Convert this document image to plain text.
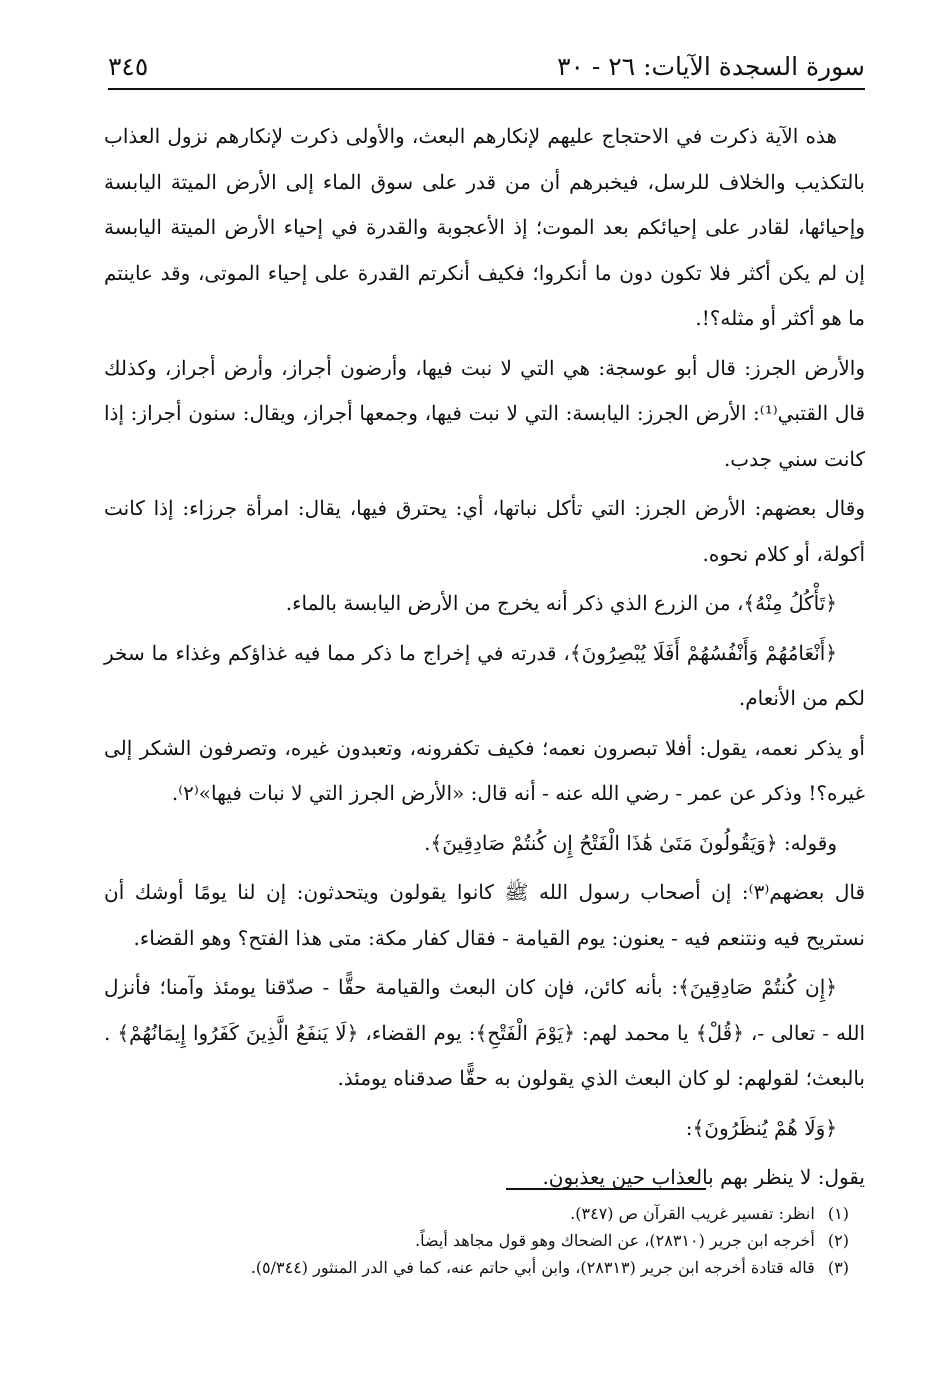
سورة السجدة الآيات: ٢٦ - ٣٠
٣٤٥

هذه الآية ذكرت في الاحتجاج عليهم لإنكارهم البعث، والأولى ذكرت لإنكارهم نزول العذاب بالتكذيب والخلاف للرسل، فيخبرهم أن من قدر على سوق الماء إلى الأرض الميتة اليابسة وإحيائها، لقادر على إحيائكم بعد الموت؛ إذ الأعجوبة والقدرة في إحياء الأرض الميتة اليابسة إن لم يكن أكثر فلا تكون دون ما أنكروا؛ فكيف أنكرتم القدرة على إحياء الموتى، وقد عاينتم ما هو أكثر أو مثله؟!.

والأرض الجرز: قال أبو عوسجة: هي التي لا نبت فيها، وأرضون أجراز، وأرض أجراز، وكذلك قال القتبي⁽¹⁾: الأرض الجرز: اليابسة: التي لا نبت فيها، وجمعها أجراز، ويقال: سنون أجراز: إذا كانت سني جدب.

وقال بعضهم: الأرض الجرز: التي تأكل نباتها، أي: يحترق فيها، يقال: امرأة جرزاء: إذا كانت أكولة، أو كلام نحوه.

﴿تَأْكُلُ مِنْهُ﴾، من الزرع الذي ذكر أنه يخرج من الأرض اليابسة بالماء.

﴿أَنْعَامُهُمْ وَأَنْفُسُهُمْ أَفَلَا يُبْصِرُونَ﴾، قدرته في إخراج ما ذكر مما فيه غذاؤكم وغذاء ما سخر لكم من الأنعام.

أو يذكر نعمه، يقول: أفلا تبصرون نعمه؛ فكيف تكفرونه، وتعبدون غيره، وتصرفون الشكر إلى غيره؟! وذكر عن عمر - رضي الله عنه - أنه قال: «الأرض الجرز التي لا نبات فيها»⁽٢⁾.

وقوله: ﴿وَيَقُولُونَ مَتَىٰ هَٰذَا الْفَتْحُ إِن كُنتُمْ صَادِقِينَ﴾.

قال بعضهم⁽٣⁾: إن أصحاب رسول الله ﷺ كانوا يقولون ويتحدثون: إن لنا يومًا أوشك أن نستريح فيه ونتنعم فيه - يعنون: يوم القيامة - فقال كفار مكة: متى هذا الفتح؟ وهو القضاء.

﴿إِن كُنتُمْ صَادِقِينَ﴾: بأنه كائن، فإن كان البعث والقيامة حقًّا - صدّقنا يومئذ وآمنا؛ فأنزل الله - تعالى -، ﴿قُلْ﴾ يا محمد لهم: ﴿يَوْمَ الْفَتْحِ﴾: يوم القضاء، ﴿لَا يَنفَعُ الَّذِينَ كَفَرُوا إِيمَانُهُمْ﴾ . بالبعث؛ لقولهم: لو كان البعث الذي يقولون به حقًّا صدقناه يومئذ.

﴿وَلَا هُمْ يُنظَرُونَ﴾:

يقول: لا ينظر بهم بالعذاب حين يعذبون.

(١) انظر: تفسير غريب القرآن ص (٣٤٧).

(٢) أخرجه ابن جرير (٢٨٣١٠)، عن الضحاك وهو قول مجاهد أيضاً.

(٣) قاله قتادة أخرجه ابن جرير (٢٨٣١٣)، وابن أبي حاتم عنه، كما في الدر المنثور (٥/٣٤٤).
